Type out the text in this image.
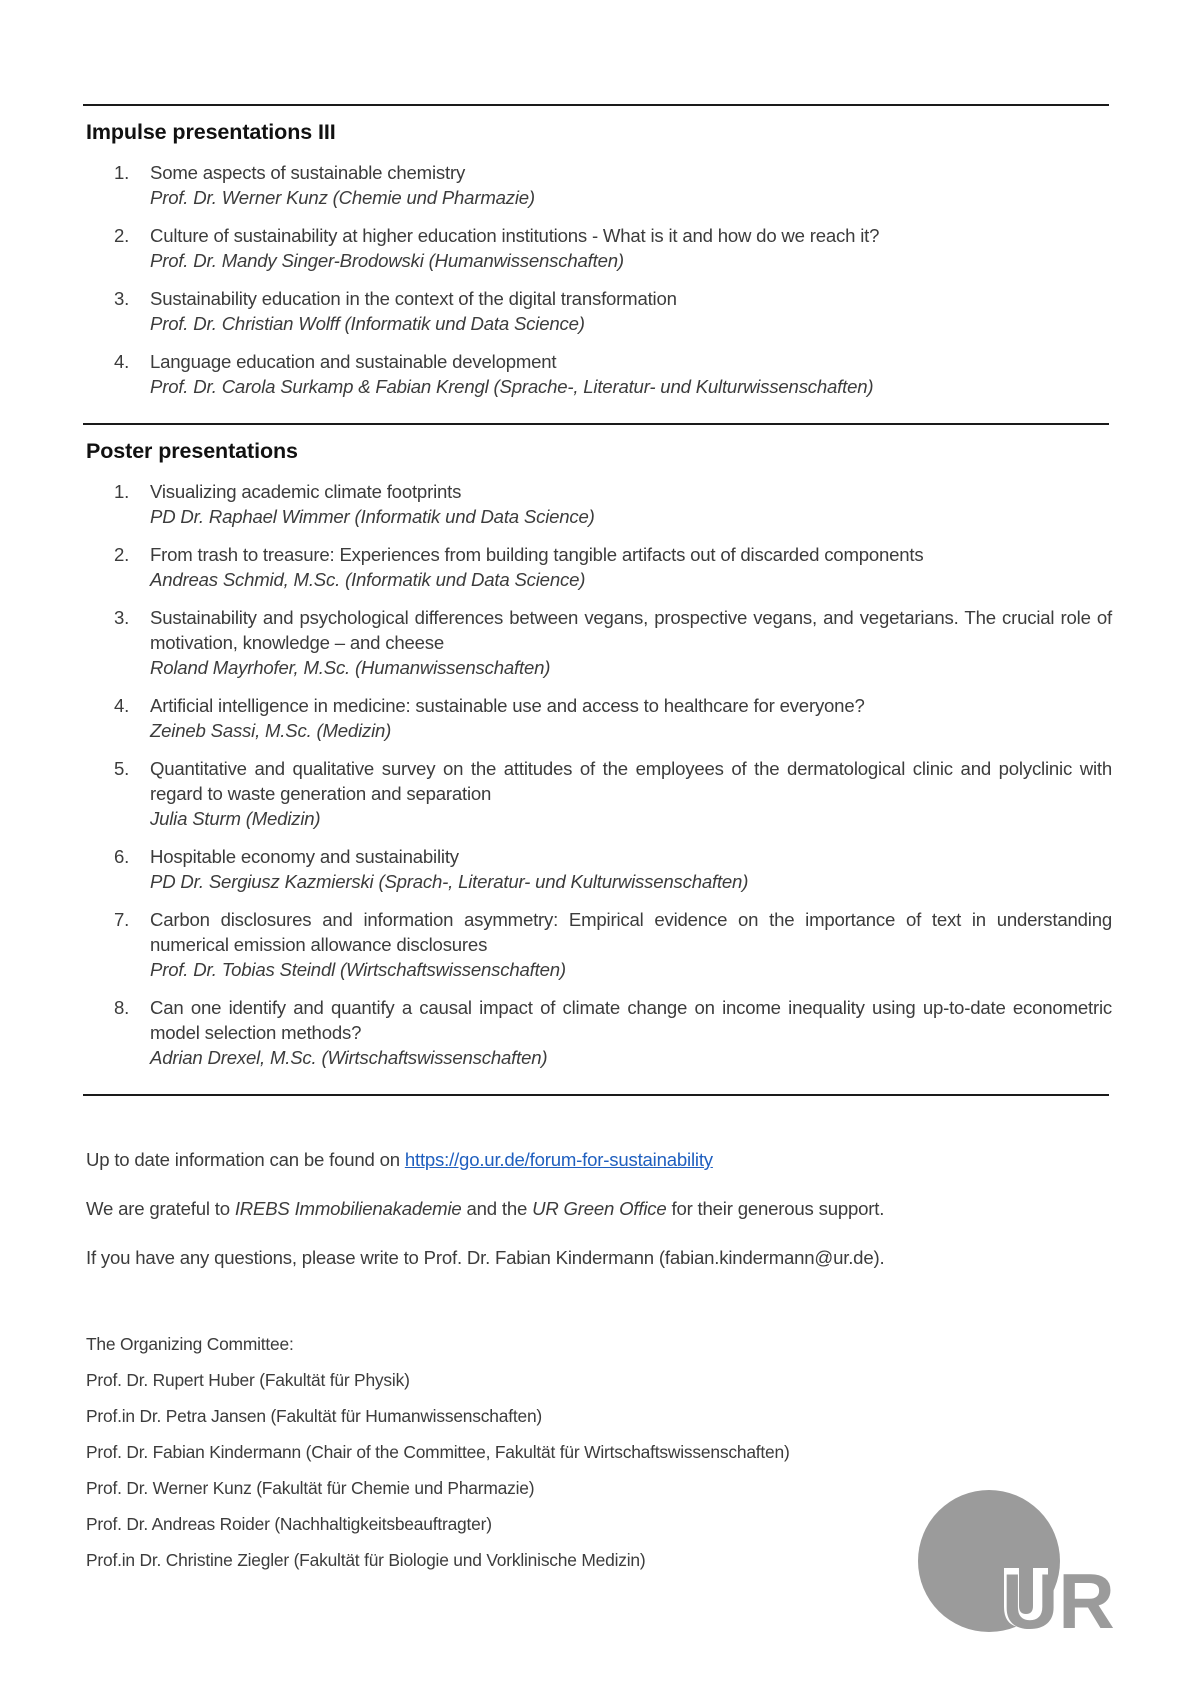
Impulse presentations III
1. Some aspects of sustainable chemistry
Prof. Dr. Werner Kunz (Chemie und Pharmazie)
2. Culture of sustainability at higher education institutions - What is it and how do we reach it?
Prof. Dr. Mandy Singer-Brodowski (Humanwissenschaften)
3. Sustainability education in the context of the digital transformation
Prof. Dr. Christian Wolff (Informatik und Data Science)
4. Language education and sustainable development
Prof. Dr. Carola Surkamp & Fabian Krengl (Sprache-, Literatur- und Kulturwissenschaften)
Poster presentations
1. Visualizing academic climate footprints
PD Dr. Raphael Wimmer (Informatik und Data Science)
2. From trash to treasure: Experiences from building tangible artifacts out of discarded components
Andreas Schmid, M.Sc. (Informatik und Data Science)
3. Sustainability and psychological differences between vegans, prospective vegans, and vegetarians. The crucial role of motivation, knowledge – and cheese
Roland Mayrhofer, M.Sc. (Humanwissenschaften)
4. Artificial intelligence in medicine: sustainable use and access to healthcare for everyone?
Zeineb Sassi, M.Sc. (Medizin)
5. Quantitative and qualitative survey on the attitudes of the employees of the dermatological clinic and polyclinic with regard to waste generation and separation
Julia Sturm (Medizin)
6. Hospitable economy and sustainability
PD Dr. Sergiusz Kazmierski (Sprach-, Literatur- und Kulturwissenschaften)
7. Carbon disclosures and information asymmetry: Empirical evidence on the importance of text in understanding numerical emission allowance disclosures
Prof. Dr. Tobias Steindl (Wirtschaftswissenschaften)
8. Can one identify and quantify a causal impact of climate change on income inequality using up-to-date econometric model selection methods?
Adrian Drexel, M.Sc. (Wirtschaftswissenschaften)
Up to date information can be found on https://go.ur.de/forum-for-sustainability
We are grateful to IREBS Immobilienakademie and the UR Green Office for their generous support.
If you have any questions, please write to Prof. Dr. Fabian Kindermann (fabian.kindermann@ur.de).
The Organizing Committee:
Prof. Dr. Rupert Huber (Fakultät für Physik)
Prof.in Dr. Petra Jansen (Fakultät für Humanwissenschaften)
Prof. Dr. Fabian Kindermann (Chair of the Committee, Fakultät für Wirtschaftswissenschaften)
Prof. Dr. Werner Kunz (Fakultät für Chemie und Pharmazie)
Prof. Dr. Andreas Roider (Nachhaltigkeitsbeauftragter)
Prof.in Dr. Christine Ziegler (Fakultät für Biologie und Vorklinische Medizin)	UR
